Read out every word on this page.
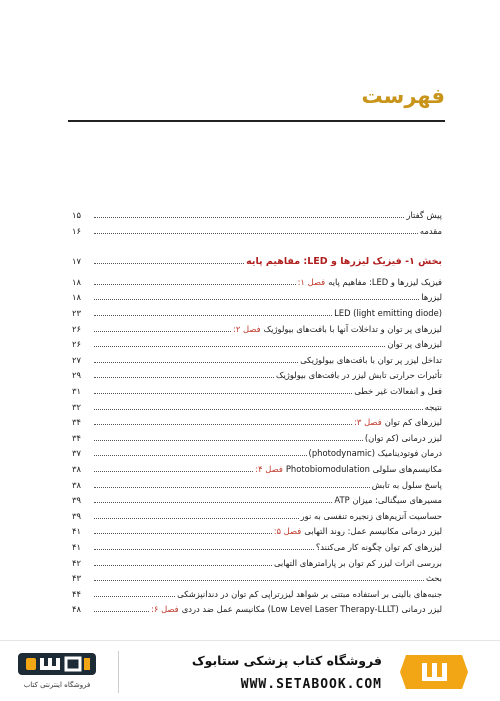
فهرست
۱۵	پیش گفتار
۱۶	مقدمه
۱۷	بخش ۱- فیزیک لیزرها و LED: مفاهیم پایه
۱۸	فصل ۱: فیزیک لیزرها و LED: مفاهیم پایه
۱۸	لیزرها
۲۳	LED (light emitting diode)
۲۶	فصل ۲: لیزرهای پر توان و تداخلات آنها با بافت‌های بیولوژیک
۲۶	لیزرهای پر توان
۲۷	تداخل لیزر پر توان با بافت‌های بیولوژیکی
۲۹	تأثیرات حرارتی تابش لیزر در بافت‌های بیولوژیک
۳۱	فعل و انفعالات غیر خطی
۳۲	نتیجه
۳۴	فصل ۳: لیزرهای کم توان
۳۴	لیزر درمانی (کم توان)
۳۷	درمان فوتودینامیک (photodynamic)
۳۸	فصل ۴: مکانیسم‌های سلولی Photobiomodulation
۳۸	پاسخ سلول به تابش
۳۹	مسیرهای سیگنالی: میزان ATP
۳۹	حساسیت آنزیم‌های زنجیره تنفسی به نور
۴۱	فصل ۵: لیزر درمانی مکانیسم عمل: روند التهابی
۴۱	لیزرهای کم توان چگونه کار می‌کنند؟
۴۲	بررسی اثرات لیزر کم توان بر پارامترهای التهابی
۴۳	بحث
۴۴	جنبه‌های بالینی بر استفاده مبتنی بر شواهد لیزرتراپی کم توان در دندانپزشکی
۴۸	فصل ۶: لیزر درمانی (Low Level Laser Therapy-LLLT) مکانیسم عمل ضد دردی
فروشگاه کتاب پزشکی ستابوک
WWW.SETABOOK.COM
فروشگاه اینترنتی کتاب
